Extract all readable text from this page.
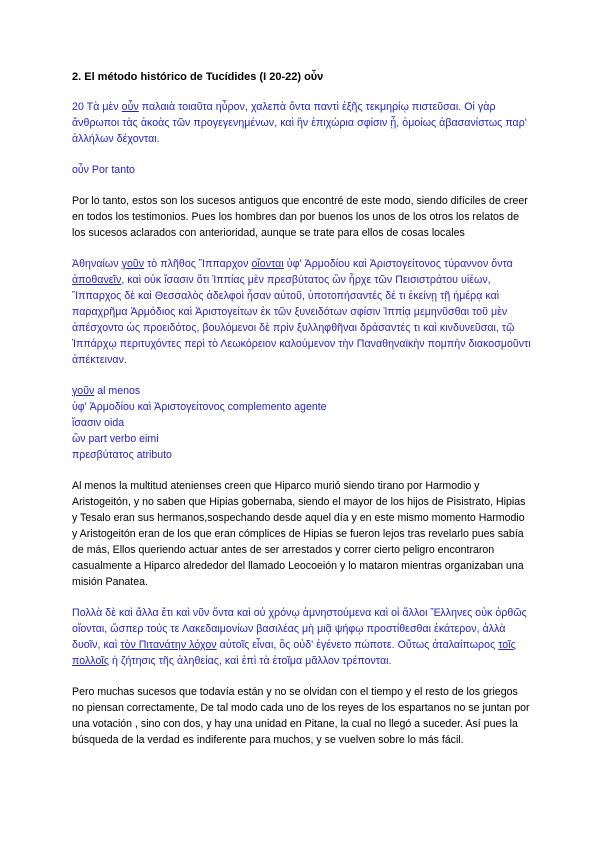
2. El método histórico de Tucídides (I 20-22) οὖν
20 Τὰ μὲν οὖν παλαιὰ τοιαῦτα ηὗρον, χαλεπὰ ὄντα παντὶ ἑξῆς τεκμηρίῳ πιστεῦσαι. Οἱ γὰρ ἄνθρωποι τὰς ἀκοὰς τῶν προγεγενημένων, καὶ ἢν ἐπιχώρια σφίσιν ᾖ, ὁμοίως ἀβασανίστως παρ' ἀλλήλων δέχονται.
οὖν Por tanto
Por lo tanto, estos son los sucesos antiguos que encontré de este modo, siendo difíciles de creer en todos los testimonios. Pues los hombres dan por buenos los unos de los otros los relatos de los sucesos aclarados con anterioridad, aunque se trate para ellos de cosas locales
Ἀθηναίων γοῦν τὸ πλῆθος Ἵππαρχον οἴονται ὑφ' Ἁρμοδίου καὶ Ἀριστογείτονος τύραννον ὄντα ἀποθανεῖν, καὶ οὐκ ἴσασιν ὅτι Ἱππίας μὲν πρεσβύτατος ὢν ἦρχε τῶν Πεισιστράτου υἱέων, Ἵππαρχος δὲ καὶ Θεσσαλὸς ἀδελφοὶ ἦσαν αὐτοῦ, ὑποτοπήσαντές δέ τι ἐκείνῃ τῇ ἡμέρᾳ καὶ παραχρῆμα Ἁρμόδιος καὶ Ἀριστογείτων ἐκ τῶν ξυνειδότων σφίσιν Ἱππίᾳ μεμηνῦσθαι τοῦ μὲν ἀπέσχοντο ὡς προειδότος, βουλόμενοι δὲ πρὶν ξυλληφθῆναι δράσαντές τι καὶ κινδυνεῦσαι, τῷ Ἱππάρχῳ περιτυχόντες περὶ τὸ Λεωκόρειον καλούμενον τὴν Παναθηναϊκὴν πομπὴν διακοσμοῦντι ἀπέκτειναν.
γοῦν al menos
ὑφ' Ἁρμοδίου καὶ Ἀριστογείτονος complemento agente
ἴσασιν oida
ὢν part verbo eimi
πρεσβύτατος atributo
Al menos la multitud atenienses creen que Hiparco murió siendo tirano por Harmodio y Aristogeitón, y no saben que Hipias gobernaba, siendo el mayor de los hijos de Pisistrato, Hipias y Tesalo eran sus hermanos,sospechando desde aquel día y en este mismo momento Harmodio y Aristogeitón eran de los que eran cómplices de Hipias se fueron lejos tras revelarlo pues sabía de más, Ellos queriendo actuar antes de ser arrestados y correr cierto peligro encontraron casualmente a Hiparco alrededor del llamado Leocoeión y lo mataron mientras organizaban una misión Panatea.
Πολλὰ δὲ καὶ ἄλλα ἔτι καὶ νῦν ὄντα καὶ οὐ χρόνῳ ἀμνηστούμενα καὶ οἱ ἄλλοι Ἕλληνες οὐκ ὀρθῶς οἴονται, ὥσπερ τούς τε Λακεδαιμονίων βασιλέας μὴ μιᾷ ψήφῳ προστίθεσθαι ἑκάτερον, ἀλλὰ δυοῖν, καὶ τὸν Πιτανάτην λόχον αὐτοῖς εἶναι, ὃς οὐδ' ἐγένετο πώποτε. Οὕτως ἀταλαίπωρος τοῖς πολλοῖς ἡ ζήτησις τῆς ἀληθείας, καὶ ἐπὶ τὰ ἑτοῖμα μᾶλλον τρέπονται.
Pero muchas sucesos que todavía están y no se olvidan con el tiempo y el resto de los griegos no piensan correctamente, De tal modo cada uno de los reyes de los espartanos no se juntan por una votación , sino con dos, y hay una unidad en Pitane, la cual no llegó a suceder. Así pues la búsqueda de la verdad es indiferente para muchos, y se vuelven sobre lo más fácil.
